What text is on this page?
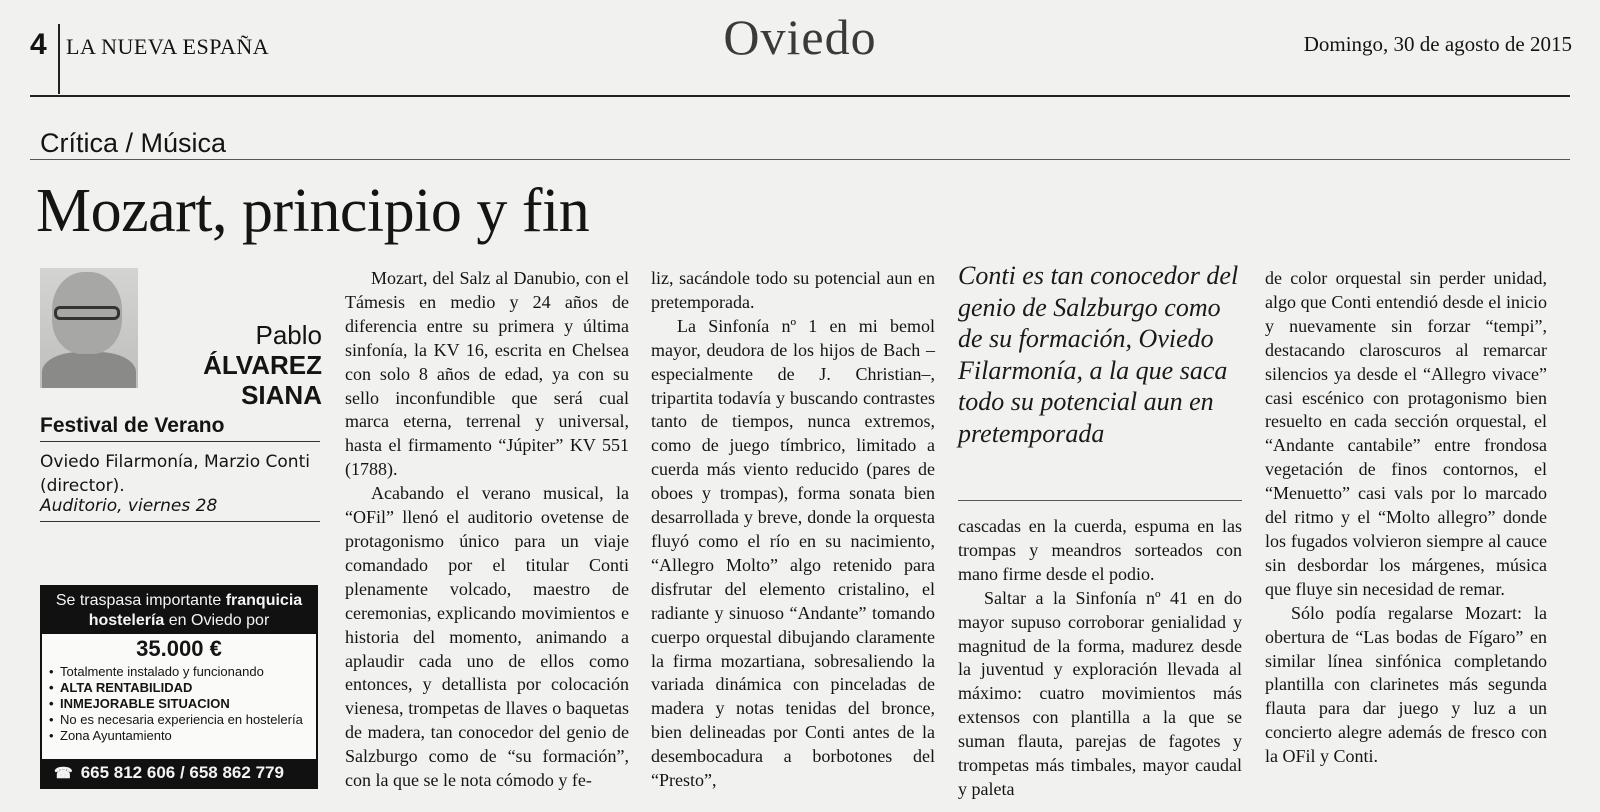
4 LA NUEVA ESPAÑA	Oviedo	Domingo, 30 de agosto de 2015
Crítica / Música
Mozart, principio y fin
Pablo ÁLVAREZ
SIANA
Festival de Verano
Oviedo Filarmonía, Marzio Conti (director).
Auditorio, viernes 28
Se traspasa importante franquicia
hostelería en Oviedo por
35.000 €
• Totalmente instalado y funcionando
• ALTA RENTABILIDAD
• INMEJORABLE SITUACION
• No es necesaria experiencia en hostelería
• Zona Ayuntamiento
☎ 665 812 606 / 658 862 779

Mozart, del Salz al Danubio, con el Támesis en medio y 24 años de diferencia entre su primera y última sinfonía, la KV 16, escrita en Chelsea con solo 8 años de edad, ya con su sello inconfundible que será cual marca eterna, terrenal y universal, hasta el firmamento “Júpiter” KV 551 (1788).

Acabando el verano musical, la “OFil” llenó el auditorio ovetense de protagonismo único para un viaje comandado por el titular Conti plenamente volcado, maestro de ceremonias, explicando movimientos e historia del momento, animando a aplaudir cada uno de ellos como entonces, y detallista por colocación vienesa, trompetas de llaves o baquetas de madera, tan conocedor del genio de Salzburgo como de “su formación”, con la que se le nota cómodo y fe-

liz, sacándole todo su potencial aun en pretemporada.

La Sinfonía nº 1 en mi bemol mayor, deudora de los hijos de Bach –especialmente de J. Christian–, tripartita todavía y buscando contrastes tanto de tiempos, nunca extremos, como de juego tímbrico, limitado a cuerda más viento reducido (pares de oboes y trompas), forma sonata bien desarrollada y breve, donde la orquesta fluyó como el río en su nacimiento, “Allegro Molto” algo retenido para disfrutar del elemento cristalino, el radiante y sinuoso “Andante” tomando cuerpo orquestal dibujando claramente la firma mozartiana, sobresaliendo la variada dinámica con pinceladas de madera y notas tenidas del bronce, bien delineadas por Conti antes de la desembocadura a borbotones del “Presto”,

Conti es tan conocedor del genio de Salzburgo como de su formación, Oviedo Filarmonía, a la que saca todo su potencial aun en pretemporada

cascadas en la cuerda, espuma en las trompas y meandros sorteados con mano firme desde el podio.

Saltar a la Sinfonía nº 41 en do mayor supuso corroborar genialidad y magnitud de la forma, madurez desde la juventud y exploración llevada al máximo: cuatro movimientos más extensos con plantilla a la que se suman flauta, parejas de fagotes y trompetas más timbales, mayor caudal y paleta

de color orquestal sin perder unidad, algo que Conti entendió desde el inicio y nuevamente sin forzar “tempi”, destacando claroscuros al remarcar silencios ya desde el “Allegro vivace” casi escénico con protagonismo bien resuelto en cada sección orquestal, el “Andante cantabile” entre frondosa vegetación de finos contornos, el “Menuetto” casi vals por lo marcado del ritmo y el “Molto allegro” donde los fugados volvieron siempre al cauce sin desbordar los márgenes, música que fluye sin necesidad de remar.

Sólo podía regalarse Mozart: la obertura de “Las bodas de Fígaro” en similar línea sinfónica completando plantilla con clarinetes más segunda flauta para dar juego y luz a un concierto alegre además de fresco con la OFil y Conti.
